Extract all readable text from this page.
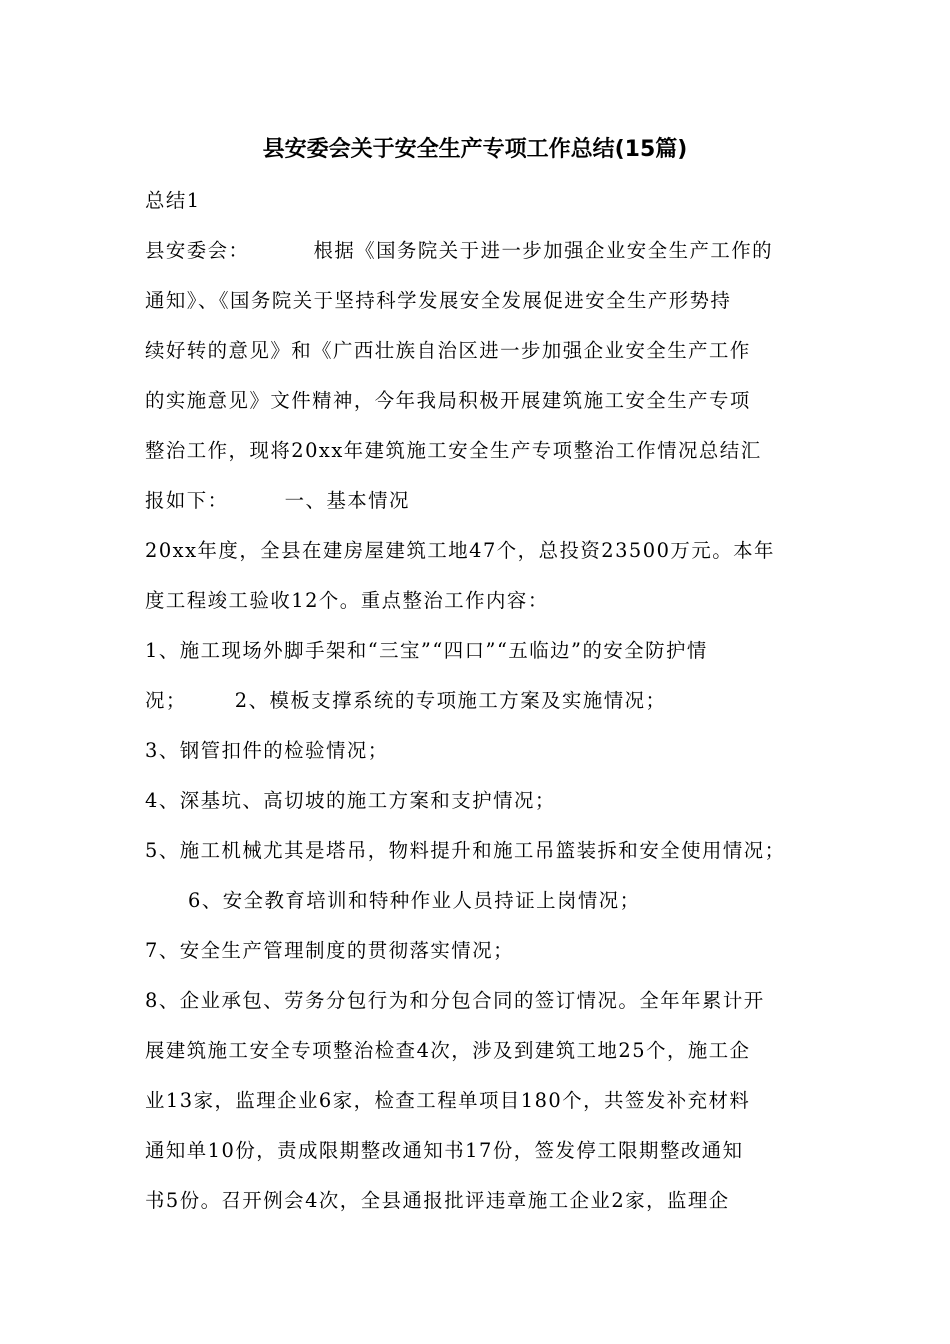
县安委会关于安全生产专项工作总结(15篇)
总结1
县安委会：	根据《国务院关于进一步加强企业安全生产工作的
通知》、《国务院关于坚持科学发展安全发展促进安全生产形势持
续好转的意见》和《广西壮族自治区进一步加强企业安全生产工作
的实施意见》文件精神，今年我局积极开展建筑施工安全生产专项
整治工作，现将20xx年建筑施工安全生产专项整治工作情况总结汇
报如下：	一、基本情况
20xx年度，全县在建房屋建筑工地47个，总投资23500万元。本年
度工程竣工验收12个。重点整治工作内容：
1、施工现场外脚手架和“三宝”“四口”“五临边”的安全防护情
况； 2、模板支撑系统的专项施工方案及实施情况；
3、钢管扣件的检验情况；
4、深基坑、高切坡的施工方案和支护情况；
5、施工机械尤其是塔吊，物料提升和施工吊篮装拆和安全使用情况；
6、安全教育培训和特种作业人员持证上岗情况；
7、安全生产管理制度的贯彻落实情况；
8、企业承包、劳务分包行为和分包合同的签订情况。全年年累计开
展建筑施工安全专项整治检查4次，涉及到建筑工地25个，施工企
业13家，监理企业6家，检查工程单项目180个，共签发补充材料
通知单10份，责成限期整改通知书17份，签发停工限期整改通知
书5份。召开例会4次，全县通报批评违章施工企业2家，监理企
